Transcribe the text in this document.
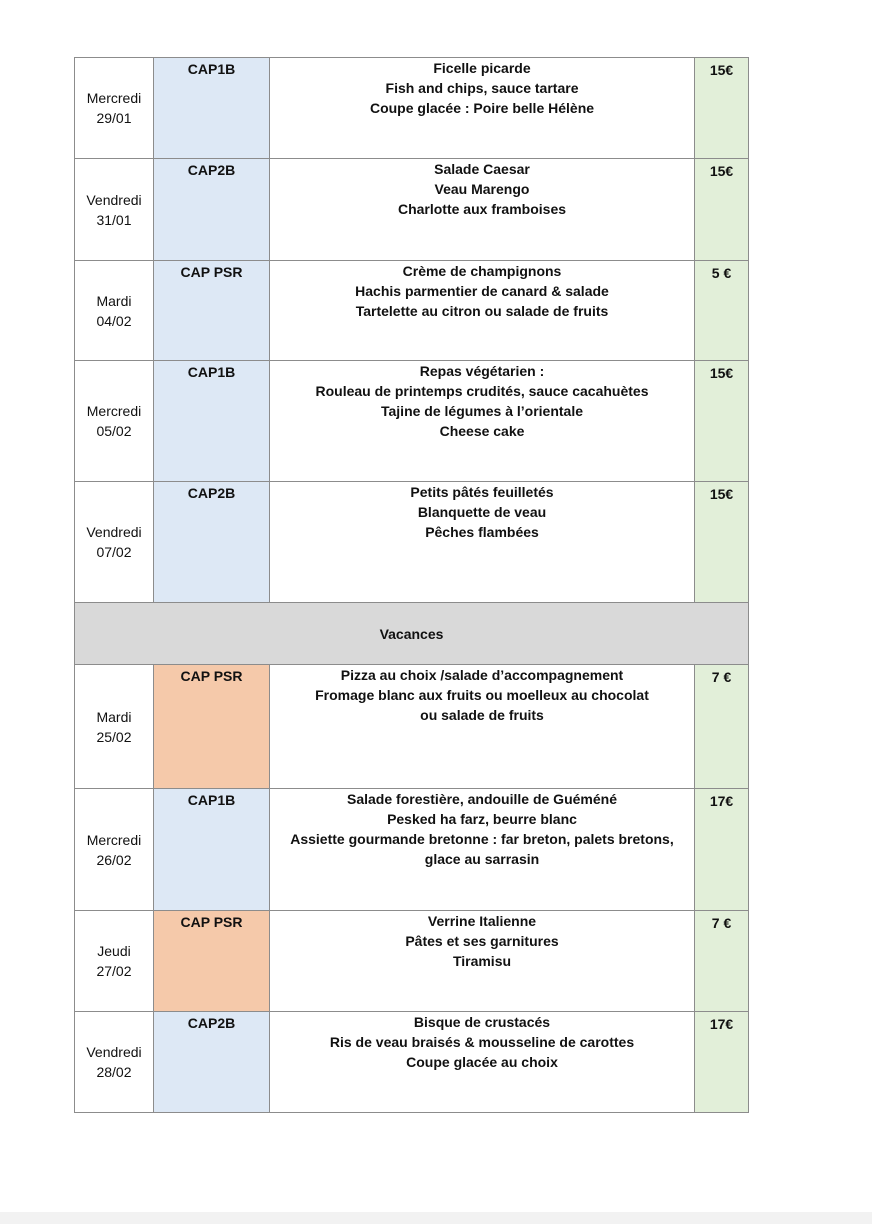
Mercredi
29/01	CAP1B	Ficelle picarde
Fish and chips, sauce tartare
Coupe glacée : Poire belle Hélène	15€

Vendredi
31/01	CAP2B	Salade Caesar
Veau Marengo
Charlotte aux framboises	15€

Mardi
04/02	CAP PSR	Crème de champignons
Hachis parmentier de canard & salade
Tartelette au citron ou salade de fruits	5 €

Mercredi
05/02	CAP1B	Repas végétarien :
Rouleau de printemps crudités, sauce cacahuètes
Tajine de légumes à l’orientale
Cheese cake	15€

Vendredi
07/02	CAP2B	Petits pâtés feuilletés
Blanquette de veau
Pêches flambées	15€

Vacances			

Mardi
25/02	CAP PSR	Pizza au choix /salade d’accompagnement
Fromage blanc aux fruits ou moelleux au chocolat
ou salade de fruits	7 €

Mercredi
26/02	CAP1B	Salade forestière, andouille de Guéméné
Pesked ha farz, beurre blanc
Assiette gourmande bretonne : far breton, palets bretons,
glace au sarrasin	17€

Jeudi
27/02	CAP PSR	Verrine Italienne
Pâtes et ses garnitures
Tiramisu	7 €

Vendredi
28/02	CAP2B	Bisque de crustacés
Ris de veau braisés & mousseline de carottes
Coupe glacée au choix	17€
